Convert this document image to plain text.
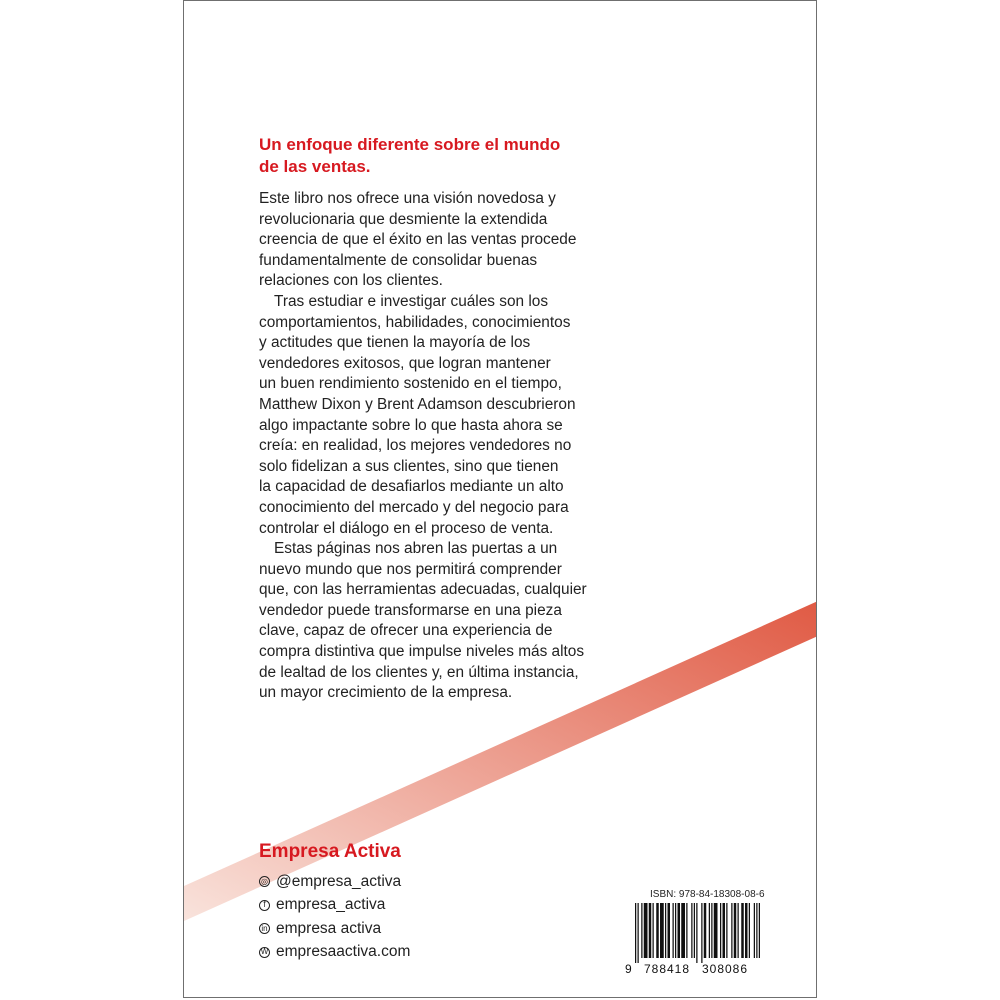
Un enfoque diferente sobre el mundo
de las ventas.
Este libro nos ofrece una visión novedosa y
revolucionaria que desmiente la extendida
creencia de que el éxito en las ventas procede
fundamentalmente de consolidar buenas
relaciones con los clientes.
Tras estudiar e investigar cuáles son los
comportamientos, habilidades, conocimientos
y actitudes que tienen la mayoría de los
vendedores exitosos, que logran mantener
un buen rendimiento sostenido en el tiempo,
Matthew Dixon y Brent Adamson descubrieron
algo impactante sobre lo que hasta ahora se
creía: en realidad, los mejores vendedores no
solo fidelizan a sus clientes, sino que tienen
la capacidad de desafiarlos mediante un alto
conocimiento del mercado y del negocio para
controlar el diálogo en el proceso de venta.
Estas páginas nos abren las puertas a un
nuevo mundo que nos permitirá comprender
que, con las herramientas adecuadas, cualquier
vendedor puede transformarse en una pieza
clave, capaz de ofrecer una experiencia de
compra distintiva que impulse niveles más altos
de lealtad de los clientes y, en última instancia,
un mayor crecimiento de la empresa.
Empresa Activa
◎ @empresa_activa
f empresa_activa
in empresa activa
W empresaactiva.com
ISBN: 978-84-18308-08-6
9 788418 308086
